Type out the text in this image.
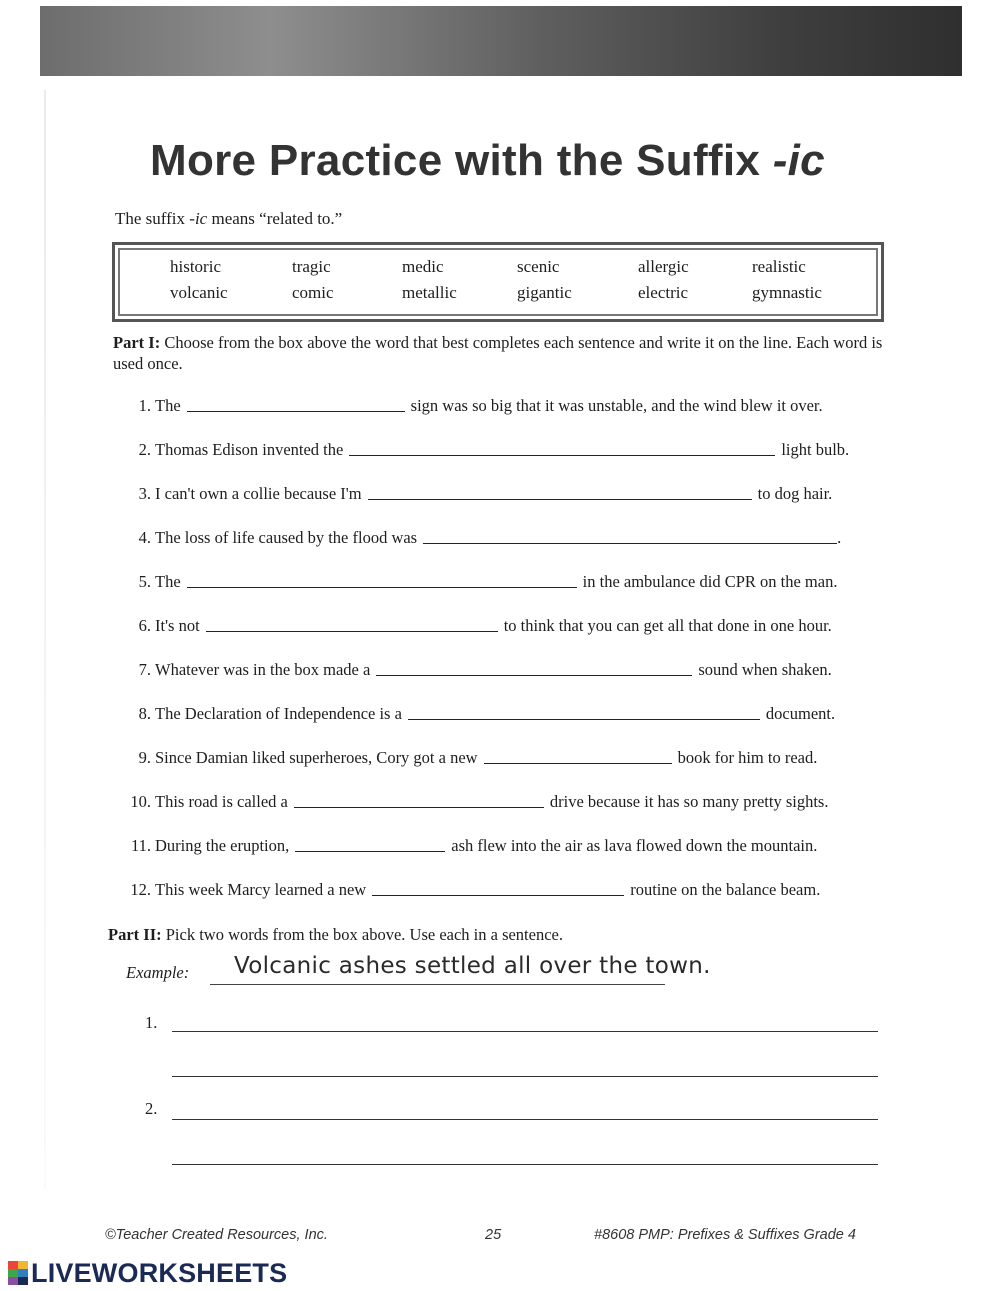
More Practice with the Suffix -ic
The suffix -ic means “related to.”
historic	tragic	medic	scenic	allergic	realistic
volcanic	comic	metallic	gigantic	electric	gymnastic
Part I: Choose from the box above the word that best completes each sentence and write it on the line. Each word is used once.
1. The	sign was so big that it was unstable, and the wind blew it over.
2. Thomas Edison invented the	light bulb.
3. I can't own a collie because I'm	to dog hair.
4. The loss of life caused by the flood was	.
5. The	in the ambulance did CPR on the man.
6. It's not	to think that you can get all that done in one hour.
7. Whatever was in the box made a	sound when shaken.
8. The Declaration of Independence is a	document.
9. Since Damian liked superheroes, Cory got a new	book for him to read.
10. This road is called a	drive because it has so many pretty sights.
11. During the eruption,	ash flew into the air as lava flowed down the mountain.
12. This week Marcy learned a new	routine on the balance beam.
Part II: Pick two words from the box above. Use each in a sentence.
Example: Volcanic ashes settled all over the town.
1.
2.
©Teacher Created Resources, Inc.	25	#8608 PMP: Prefixes & Suffixes Grade 4
LIVEWORKSHEETS
